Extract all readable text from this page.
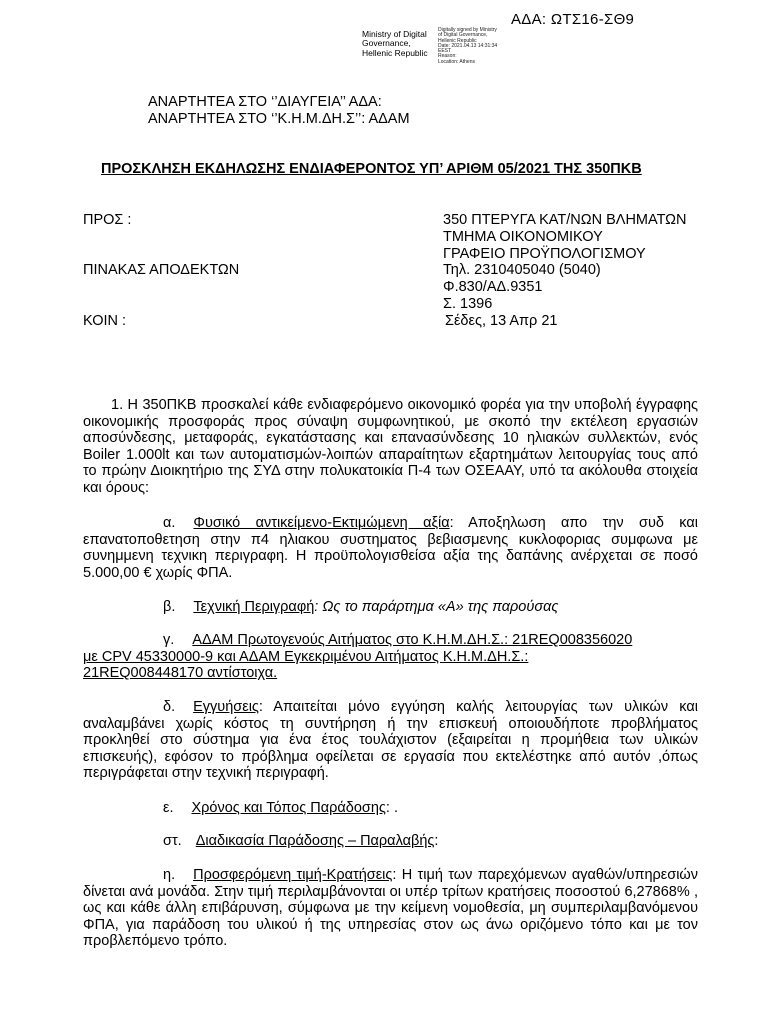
ΑΔΑ: ΩΤΣ16-ΣΘ9
Ministry of Digital
Governance,
Hellenic Republic
Digitally signed by Ministry
of Digital Governance,
Hellenic Republic
Date: 2021.04.13 14:31:34
EEST
Reason:
Location: Athens
ΑΝΑΡΤΗΤΕΑ ΣΤΟ ‘’ΔΙΑΥΓΕΙΑ’’ ΑΔΑ:
ΑΝΑΡΤΗΤΕΑ ΣΤΟ ‘’Κ.Η.Μ.ΔΗ.Σ’’: ΑΔΑΜ
ΠΡΟΣΚΛΗΣΗ ΕΚΔΗΛΩΣΗΣ ΕΝΔΙΑΦΕΡΟΝΤΟΣ ΥΠ’ ΑΡΙΘΜ 05/2021 ΤΗΣ 350ΠΚΒ
ΠΡΟΣ :
ΠΙΝΑΚΑΣ ΑΠΟΔΕΚΤΩΝ
ΚΟΙΝ :
350 ΠΤΕΡΥΓΑ ΚΑΤ/ΝΩΝ ΒΛΗΜΑΤΩΝ
ΤΜΗΜΑ ΟΙΚΟΝΟΜΙΚΟΥ
ΓΡΑΦΕΙΟ ΠΡΟΫΠΟΛΟΓΙΣΜΟΥ
Τηλ. 2310405040 (5040)
Φ.830/ΑΔ.9351
Σ. 1396
Σέδες, 13 Απρ 21
1. Η 350ΠΚΒ προσκαλεί κάθε ενδιαφερόμενο οικονομικό φορέα για την υποβολή έγγραφης οικονομικής προσφοράς προς σύναψη συμφωνητικού, με σκοπό την εκτέλεση εργασιών αποσύνδεσης, μεταφοράς, εγκατάστασης και επανασύνδεσης 10 ηλιακών συλλεκτών, ενός Boiler 1.000lt και των αυτοματισμών-λοιπών απαραίτητων εξαρτημάτων λειτουργίας τους από το πρώην Διοικητήριο της ΣΥΔ στην πολυκατοικία Π-4 των ΟΣΕΑΑΥ, υπό τα ακόλουθα στοιχεία και όρους:
α. Φυσικό αντικείμενο-Εκτιμώμενη αξία: Αποξηλωση απο την συδ και επανατοποθετηση στην π4 ηλιακου συστηματος βεβιασμενης κυκλοφοριας συμφωνα με συνημμενη τεχνικη περιγραφη. Η προϋπολογισθείσα αξία της δαπάνης ανέρχεται σε ποσό 5.000,00 € χωρίς ΦΠΑ.
β. Τεχνική Περιγραφή: Ως το παράρτημα «Α» της παρούσας
γ. ΑΔΑΜ Πρωτογενούς Αιτήματος στο Κ.Η.Μ.ΔΗ.Σ.: 21REQ008356020
με CPV 45330000-9 και ΑΔΑΜ Εγκεκριμένου Αιτήματος Κ.Η.Μ.ΔΗ.Σ.:
21REQ008448170 αντίστοιχα.
δ. Εγγυήσεις: Απαιτείται μόνο εγγύηση καλής λειτουργίας των υλικών και αναλαμβάνει χωρίς κόστος τη συντήρηση ή την επισκευή οποιουδήποτε προβλήματος προκληθεί στο σύστημα για ένα έτος τουλάχιστον (εξαιρείται η προμήθεια των υλικών επισκευής), εφόσον το πρόβλημα οφείλεται σε εργασία που εκτελέστηκε από αυτόν ,όπως περιγράφεται στην τεχνική περιγραφή.
ε. Χρόνος και Τόπος Παράδοσης: .
στ. Διαδικασία Παράδοσης – Παραλαβής:
η. Προσφερόμενη τιμή-Κρατήσεις: Η τιμή των παρεχόμενων αγαθών/υπηρεσιών δίνεται ανά μονάδα. Στην τιμή περιλαμβάνονται οι υπέρ τρίτων κρατήσεις ποσοστού 6,27868% , ως και κάθε άλλη επιβάρυνση, σύμφωνα με την κείμενη νομοθεσία, μη συμπεριλαμβανόμενου ΦΠΑ, για παράδοση του υλικού ή της υπηρεσίας στον ως άνω οριζόμενο τόπο και με τον προβλεπόμενο τρόπο.
